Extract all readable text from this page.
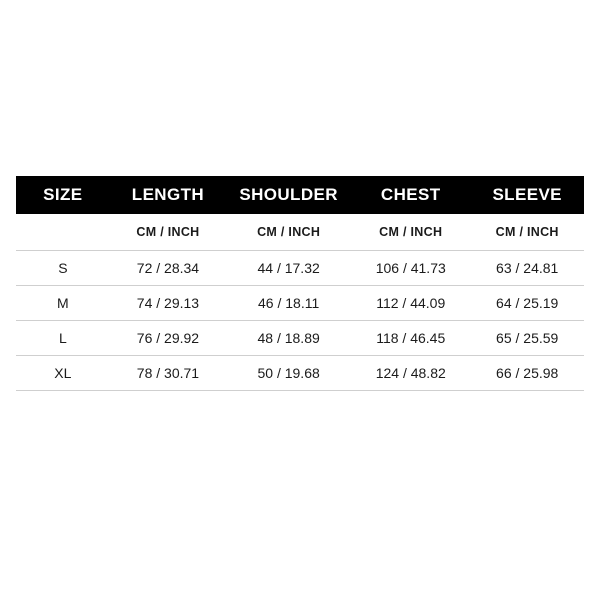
SIZE	LENGTH	SHOULDER	CHEST	SLEEVE
	CM / INCH	CM / INCH	CM / INCH	CM / INCH
S	72 / 28.34	44 / 17.32	106 / 41.73	63 / 24.81
M	74 / 29.13	46 / 18.11	112 / 44.09	64 / 25.19
L	76 / 29.92	48 / 18.89	118 / 46.45	65 / 25.59
XL	78 / 30.71	50 / 19.68	124 / 48.82	66 / 25.98
